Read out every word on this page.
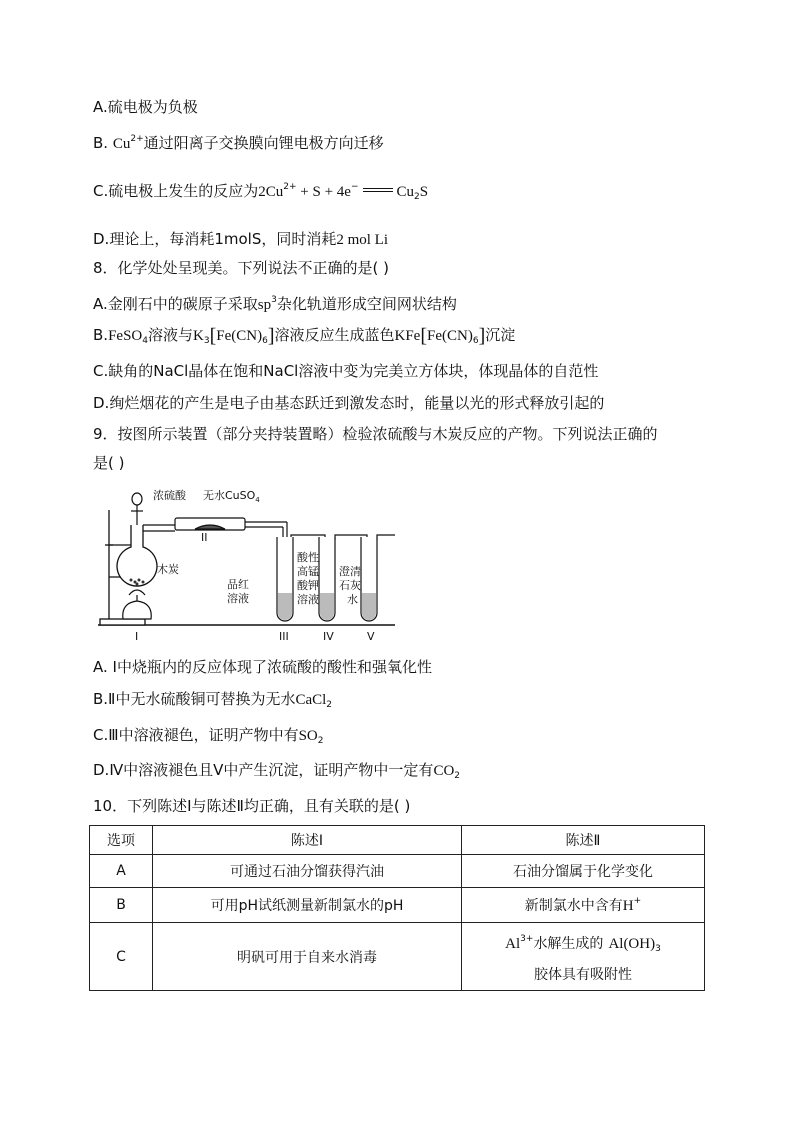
A.硫电极为负极
B. $Cu^{2+}$通过阳离子交换膜向锂电极方向迁移
C.硫电极上发生的反应为$2Cu^{2+} + S + 4e^-$	$Cu_2S$
D.理论上，每消耗1molS，同时消耗2 mol Li
8．化学处处呈现美。下列说法不正确的是( )
A.金刚石中的碳原子采取$sp^3$杂化轨道形成空间网状结构
B.FeSO$_4$溶液与$K_3[Fe(CN)_6]$溶液反应生成蓝色$KFe[Fe(CN)_6]$沉淀
C.缺角的NaCl晶体在饱和NaCl溶液中变为完美立方体块，体现晶体的自范性
D.绚烂烟花的产生是电子由基态跃迁到激发态时，能量以光的形式释放引起的
9．按图所示装置（部分夹持装置略）检验浓硫酸与木炭反应的产物。下列说法正确的
是( )
浓硫酸 无水CuSO$_4$
木炭
品红
溶液
酸性
高锰
酸钾
溶液
澄清
石灰
水
I
II
III	IV	V
A. Ⅰ中烧瓶内的反应体现了浓硫酸的酸性和强氧化性
B.Ⅱ中无水硫酸铜可替换为无水CaCl$_2$
C.Ⅲ中溶液褪色，证明产物中有$SO_2$
D.Ⅳ中溶液褪色且Ⅴ中产生沉淀，证明产物中一定有$CO_2$
10．下列陈述Ⅰ与陈述Ⅱ均正确，且有关联的是( )
选项	陈述Ⅰ	陈述Ⅱ
A	可通过石油分馏获得汽油	石油分馏属于化学变化
B	可用pH试纸测量新制氯水的pH	新制氯水中含有H+
C	明矾可用于自来水消毒	$Al^{3+}$水解生成的 $Al(OH)_3$
胶体具有吸附性
